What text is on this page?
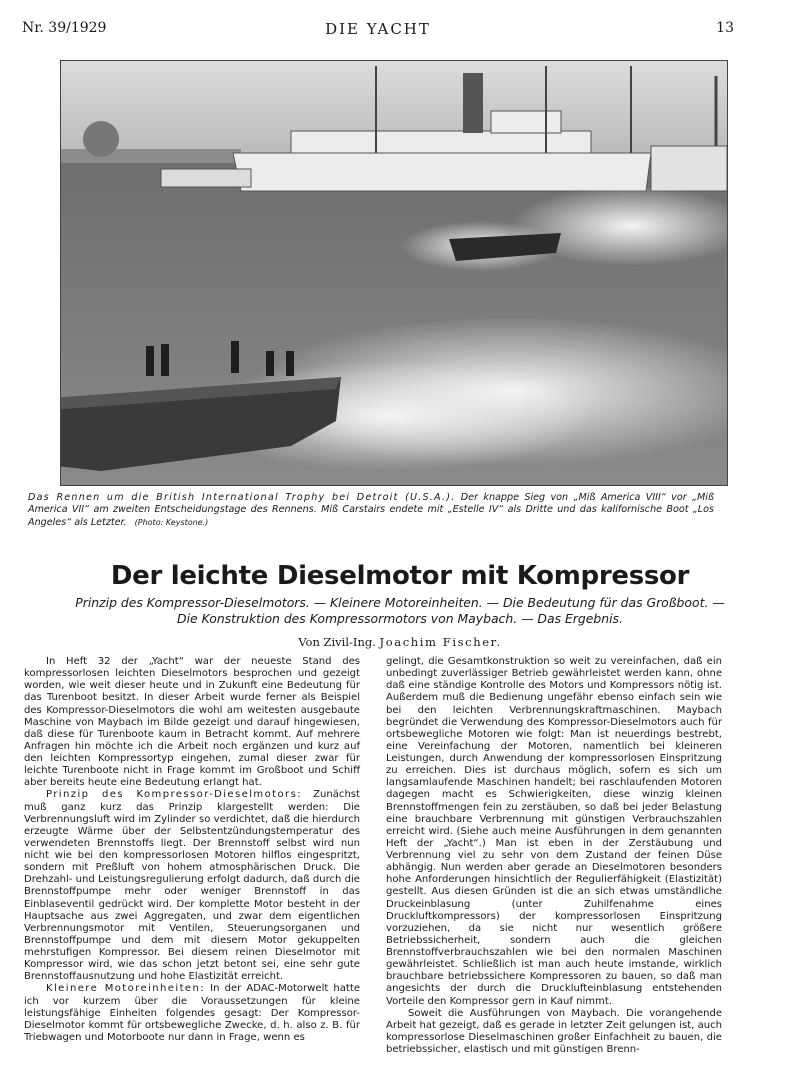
DIE YACHT
Nr. 39/1929	13
Das Rennen um die British International Trophy bei Detroit (U.S.A.). Der knappe Sieg von „Miß America VIII“ vor „Miß America VII“ am zweiten Entscheidungstage des Rennens. Miß Carstairs endete mit „Estelle IV“ als Dritte und das kalifornische Boot „Los Angeles“ als Letzter. (Photo: Keystone.)
Der leichte Dieselmotor mit Kompressor
Prinzip des Kompressor-Dieselmotors. — Kleinere Motoreinheiten. — Die Bedeutung für das Großboot. —
Die Konstruktion des Kompressormotors von Maybach. — Das Ergebnis.
Von Zivil-Ing. Joachim Fischer.

In Heft 32 der „Yacht“ war der neueste Stand des kompressorlosen leichten Dieselmotors besprochen und gezeigt worden, wie weit dieser heute und in Zukunft eine Bedeutung für das Turenboot besitzt. In dieser Arbeit wurde ferner als Beispiel des Kompressor-Dieselmotors die wohl am weitesten ausgebaute Maschine von Maybach im Bilde gezeigt und darauf hingewiesen, daß diese für Turenboote kaum in Betracht kommt. Auf mehrere Anfragen hin möchte ich die Arbeit noch ergänzen und kurz auf den leichten Kompressortyp eingehen, zumal dieser zwar für leichte Turenboote nicht in Frage kommt im Großboot und Schiff aber bereits heute eine Bedeutung erlangt hat.

Prinzip des Kompressor-Dieselmotors: Zunächst muß ganz kurz das Prinzip klargestellt werden: Die Verbrennungsluft wird im Zylinder so verdichtet, daß die hierdurch erzeugte Wärme über der Selbstentzündungstemperatur des verwendeten Brennstoffs liegt. Der Brennstoff selbst wird nun nicht wie bei den kompressorlosen Motoren hilflos eingespritzt, sondern mit Preßluft von hohem atmosphärischen Druck. Die Drehzahl- und Leistungsregulierung erfolgt dadurch, daß durch die Brennstoffpumpe mehr oder weniger Brennstoff in das Einblaseventil gedrückt wird. Der komplette Motor besteht in der Hauptsache aus zwei Aggregaten, und zwar dem eigentlichen Verbrennungsmotor mit Ventilen, Steuerungsorganen und Brennstoffpumpe und dem mit diesem Motor gekuppelten mehrstufigen Kompressor. Bei diesem reinen Dieselmotor mit Kompressor wird, wie das schon jetzt betont sei, eine sehr gute Brennstoffausnutzung und hohe Elastizität erreicht.

Kleinere Motoreinheiten: In der ADAC-Motorwelt hatte ich vor kurzem über die Voraussetzungen für kleine leistungsfähige Einheiten folgendes gesagt: Der Kompressor-Dieselmotor kommt für ortsbewegliche Zwecke, d. h. also z. B. für Triebwagen und Motorboote nur dann in Frage, wenn es

gelingt, die Gesamtkonstruktion so weit zu vereinfachen, daß ein unbedingt zuverlässiger Betrieb gewährleistet werden kann, ohne daß eine ständige Kontrolle des Motors und Kompressors nötig ist. Außerdem muß die Bedienung ungefähr ebenso einfach sein wie bei den leichten Verbrennungskraftmaschinen. Maybach begründet die Verwendung des Kompressor-Dieselmotors auch für ortsbewegliche Motoren wie folgt: Man ist neuerdings bestrebt, eine Vereinfachung der Motoren, namentlich bei kleineren Leistungen, durch Anwendung der kompressorlosen Einspritzung zu erreichen. Dies ist durchaus möglich, sofern es sich um langsamlaufende Maschinen handelt; bei raschlaufenden Motoren dagegen macht es Schwierigkeiten, diese winzig kleinen Brennstoffmengen fein zu zerstäuben, so daß bei jeder Belastung eine brauchbare Verbrennung mit günstigen Verbrauchszahlen erreicht wird. (Siehe auch meine Ausführungen in dem genannten Heft der „Yacht“.) Man ist eben in der Zerstäubung und Verbrennung viel zu sehr von dem Zustand der feinen Düse abhängig. Nun werden aber gerade an Dieselmotoren besonders hohe Anforderungen hinsichtlich der Regulierfähigkeit (Elastizität) gestellt. Aus diesen Gründen ist die an sich etwas umständliche Druckeinblasung (unter Zuhilfenahme eines Druckluftkompressors) der kompressorlosen Einspritzung vorzuziehen, da sie nicht nur wesentlich größere Betriebssicherheit, sondern auch die gleichen Brennstoffverbrauchszahlen wie bei den normalen Maschinen gewährleistet. Schließlich ist man auch heute imstande, wirklich brauchbare betriebssichere Kompressoren zu bauen, so daß man angesichts der durch die Drucklufteinblasung entstehenden Vorteile den Kompressor gern in Kauf nimmt.

Soweit die Ausführungen von Maybach. Die vorangehende Arbeit hat gezeigt, daß es gerade in letzter Zeit gelungen ist, auch kompressorlose Dieselmaschinen großer Einfachheit zu bauen, die betriebssicher, elastisch und mit günstigen Brenn-
